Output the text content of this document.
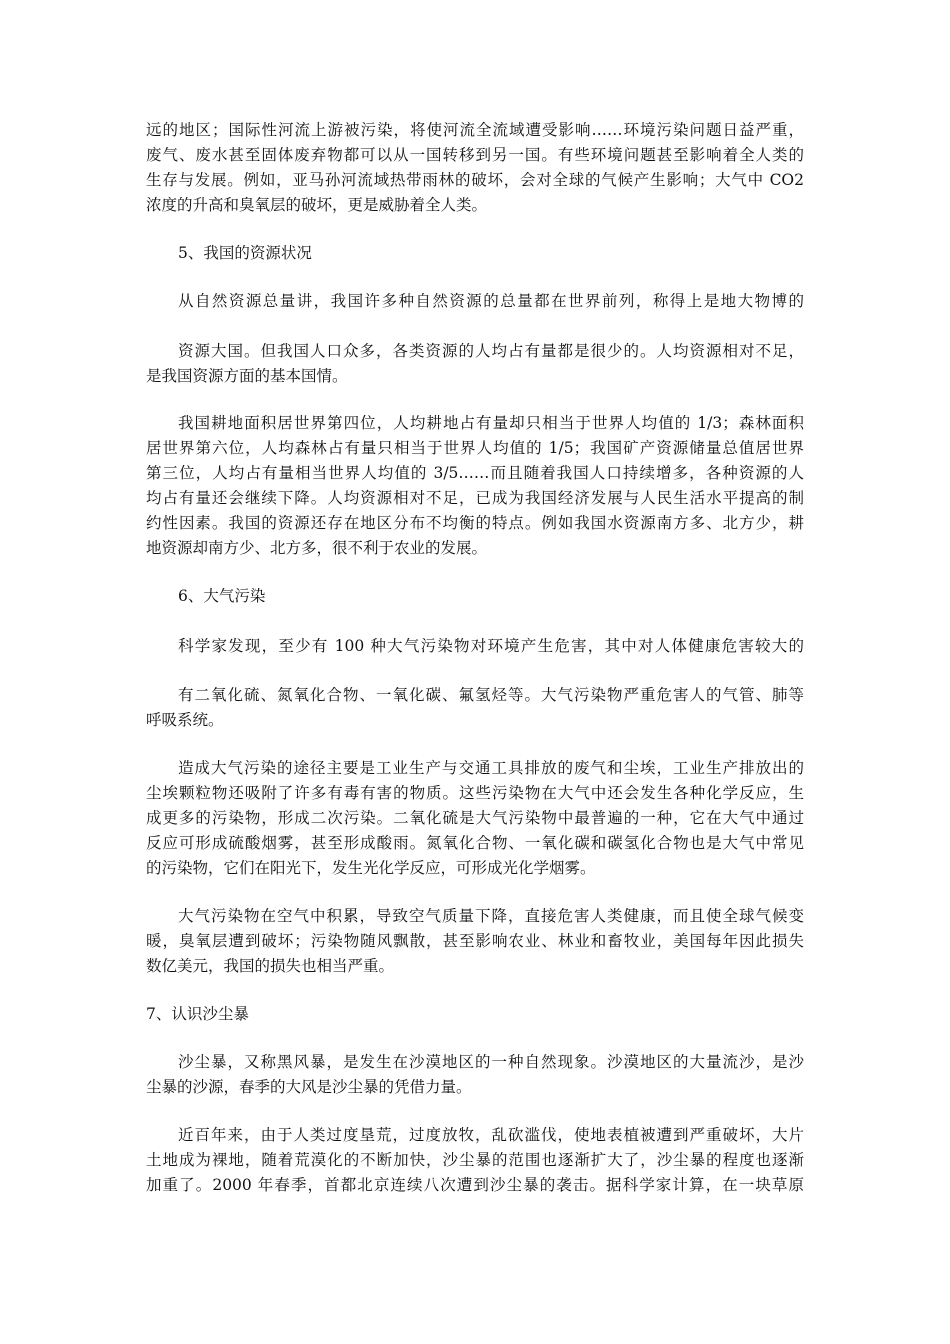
远的地区；国际性河流上游被污染，将使河流全流域遭受影响……环境污染问题日益严重，
废气、废水甚至固体废弃物都可以从一国转移到另一国。有些环境问题甚至影响着全人类的
生存与发展。例如，亚马孙河流域热带雨林的破坏，会对全球的气候产生影响；大气中 CO2
浓度的升高和臭氧层的破坏，更是威胁着全人类。
5、我国的资源状况
从自然资源总量讲，我国许多种自然资源的总量都在世界前列，称得上是地大物博的
资源大国。但我国人口众多，各类资源的人均占有量都是很少的。人均资源相对不足，
是我国资源方面的基本国情。
我国耕地面积居世界第四位，人均耕地占有量却只相当于世界人均值的 1/3；森林面积
居世界第六位，人均森林占有量只相当于世界人均值的 1/5；我国矿产资源储量总值居世界
第三位，人均占有量相当世界人均值的 3/5……而且随着我国人口持续增多，各种资源的人
均占有量还会继续下降。人均资源相对不足，已成为我国经济发展与人民生活水平提高的制
约性因素。我国的资源还存在地区分布不均衡的特点。例如我国水资源南方多、北方少，耕
地资源却南方少、北方多，很不利于农业的发展。
6、大气污染
科学家发现，至少有 100 种大气污染物对环境产生危害，其中对人体健康危害较大的
有二氧化硫、氮氧化合物、一氧化碳、氟氢烃等。大气污染物严重危害人的气管、肺等
呼吸系统。
造成大气污染的途径主要是工业生产与交通工具排放的废气和尘埃，工业生产排放出的
尘埃颗粒物还吸附了许多有毒有害的物质。这些污染物在大气中还会发生各种化学反应，生
成更多的污染物，形成二次污染。二氧化硫是大气污染物中最普遍的一种，它在大气中通过
反应可形成硫酸烟雾，甚至形成酸雨。氮氧化合物、一氧化碳和碳氢化合物也是大气中常见
的污染物，它们在阳光下，发生光化学反应，可形成光化学烟雾。
大气污染物在空气中积累，导致空气质量下降，直接危害人类健康，而且使全球气候变
暖，臭氧层遭到破坏；污染物随风飘散，甚至影响农业、林业和畜牧业，美国每年因此损失
数亿美元，我国的损失也相当严重。
7、认识沙尘暴
沙尘暴，又称黑风暴，是发生在沙漠地区的一种自然现象。沙漠地区的大量流沙，是沙
尘暴的沙源，春季的大风是沙尘暴的凭借力量。
近百年来，由于人类过度垦荒，过度放牧，乱砍滥伐，使地表植被遭到严重破坏，大片
土地成为裸地，随着荒漠化的不断加快，沙尘暴的范围也逐渐扩大了，沙尘暴的程度也逐渐
加重了。2000 年春季，首都北京连续八次遭到沙尘暴的袭击。据科学家计算，在一块草原
